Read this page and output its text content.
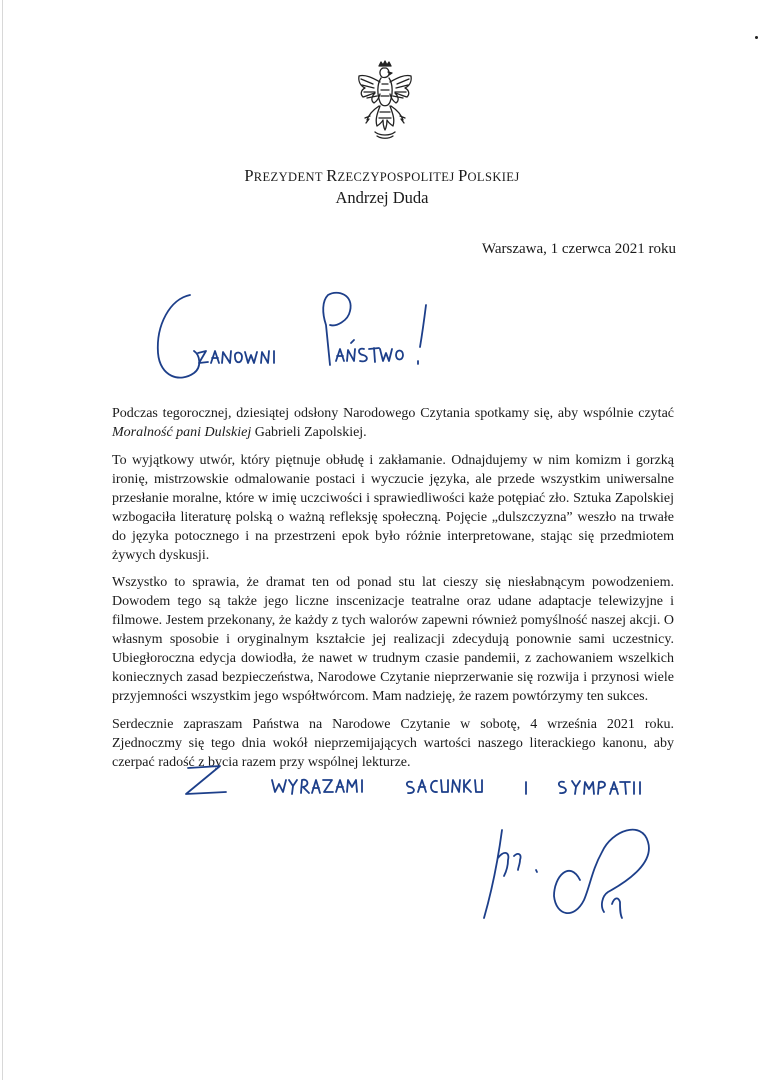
PREZYDENT RZECZYPOSPOLITEJ POLSKIEJ
Andrzej Duda
Warszawa, 1 czerwca 2021 roku

Podczas tegorocznej, dziesiątej odsłony Narodowego Czytania spotkamy się, aby wspólnie czytać Moralność pani Dulskiej Gabrieli Zapolskiej.

To wyjątkowy utwór, który piętnuje obłudę i zakłamanie. Odnajdujemy w nim komizm i gorzką ironię, mistrzowskie odmalowanie postaci i wyczucie języka, ale przede wszystkim uniwersalne przesłanie moralne, które w imię uczciwości i sprawiedliwości każe potępiać zło. Sztuka Zapolskiej wzbogaciła literaturę polską o ważną refleksję społeczną. Pojęcie „dulszczyzna” weszło na trwałe do języka potocznego i na przestrzeni epok było różnie interpretowane, stając się przedmiotem żywych dyskusji.

Wszystko to sprawia, że dramat ten od ponad stu lat cieszy się niesłabnącym powodzeniem. Dowodem tego są także jego liczne inscenizacje teatralne oraz udane adaptacje telewizyjne i filmowe. Jestem przekonany, że każdy z tych walorów zapewni również pomyślność naszej akcji. O własnym sposobie i oryginalnym kształcie jej realizacji zdecydują ponownie sami uczestnicy. Ubiegłoroczna edycja dowiodła, że nawet w trudnym czasie pandemii, z zachowaniem wszelkich koniecznych zasad bezpieczeństwa, Narodowe Czytanie nieprzerwanie się rozwija i przynosi wiele przyjemności wszystkim jego współtwórcom. Mam nadzieję, że razem powtórzymy ten sukces.

Serdecznie zapraszam Państwa na Narodowe Czytanie w sobotę, 4 września 2021 roku. Zjednoczmy się tego dnia wokół nieprzemijających wartości naszego literackiego kanonu, aby czerpać radość z bycia razem przy wspólnej lekturze.
